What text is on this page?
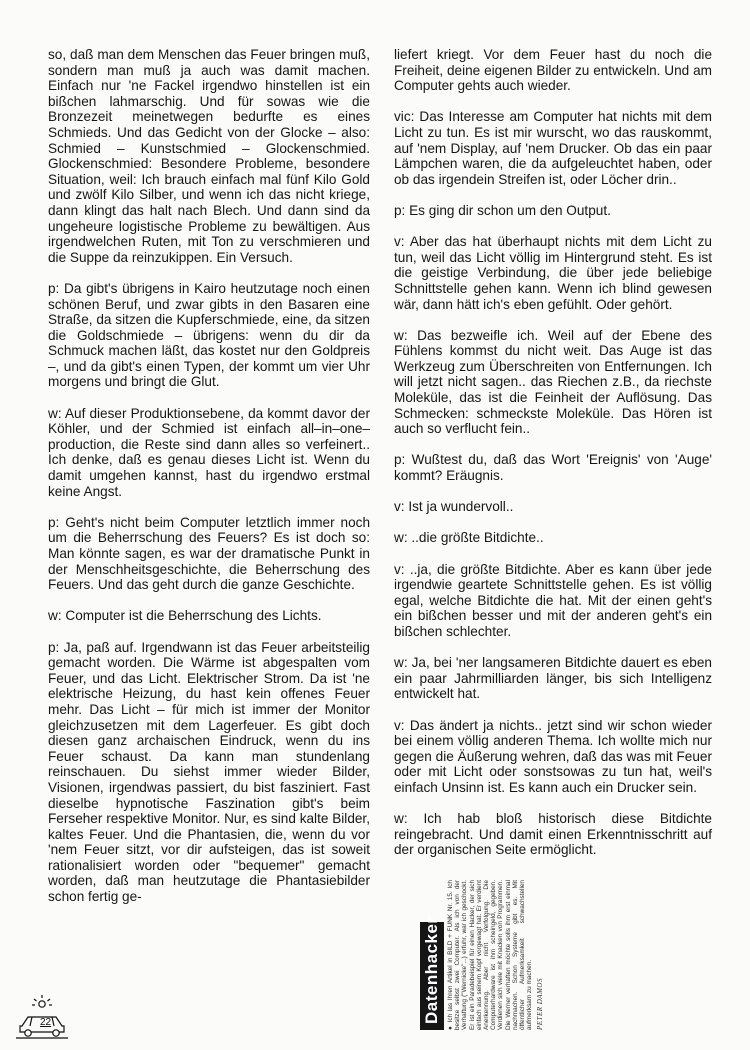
so, daß man dem Menschen das Feuer bringen muß, sondern man muß ja auch was damit machen. Einfach nur 'ne Fackel irgendwo hinstellen ist ein bißchen lahmarschig. Und für sowas wie die Bronzezeit meinetwegen bedurfte es eines Schmieds. Und das Gedicht von der Glocke – also: Schmied – Kunstschmied – Glockenschmied. Glockenschmied: Besondere Probleme, besondere Situation, weil: Ich brauch einfach mal fünf Kilo Gold und zwölf Kilo Silber, und wenn ich das nicht kriege, dann klingt das halt nach Blech. Und dann sind da ungeheure logistische Probleme zu bewältigen. Aus irgendwelchen Ruten, mit Ton zu verschmieren und die Suppe da reinzukippen. Ein Versuch.

p: Da gibt's übrigens in Kairo heutzutage noch einen schönen Beruf, und zwar gibts in den Basaren eine Straße, da sitzen die Kupferschmiede, eine, da sitzen die Goldschmiede – übrigens: wenn du dir da Schmuck machen läßt, das kostet nur den Goldpreis –, und da gibt's einen Typen, der kommt um vier Uhr morgens und bringt die Glut.

w: Auf dieser Produktionsebene, da kommt davor der Köhler, und der Schmied ist einfach all–in–one–production, die Reste sind dann alles so verfeinert.. Ich denke, daß es genau dieses Licht ist. Wenn du damit umgehen kannst, hast du irgendwo erstmal keine Angst.

p: Geht's nicht beim Computer letztlich immer noch um die Beherrschung des Feuers? Es ist doch so: Man könnte sagen, es war der dramatische Punkt in der Menschheitsgeschichte, die Beherrschung des Feuers. Und das geht durch die ganze Geschichte.

w: Computer ist die Beherrschung des Lichts.

p: Ja, paß auf. Irgendwann ist das Feuer arbeitsteilig gemacht worden. Die Wärme ist abgespalten vom Feuer, und das Licht. Elektrischer Strom. Da ist 'ne elektrische Heizung, du hast kein offenes Feuer mehr. Das Licht – für mich ist immer der Monitor gleichzusetzen mit dem Lagerfeuer. Es gibt doch diesen ganz archaischen Eindruck, wenn du ins Feuer schaust. Da kann man stundenlang reinschauen. Du siehst immer wieder Bilder, Visionen, irgendwas passiert, du bist fasziniert. Fast dieselbe hypnotische Faszination gibt's beim Ferseher respektive Monitor. Nur, es sind kalte Bilder, kaltes Feuer. Und die Phantasien, die, wenn du vor 'nem Feuer sitzt, vor dir aufsteigen, das ist soweit rationalisiert worden oder "bequemer" gemacht worden, daß man heutzutage die Phantasiebilder schon fertig ge-

liefert kriegt. Vor dem Feuer hast du noch die Freiheit, deine eigenen Bilder zu entwickeln. Und am Computer gehts auch wieder.

vic: Das Interesse am Computer hat nichts mit dem Licht zu tun. Es ist mir wurscht, wo das rauskommt, auf 'nem Display, auf 'nem Drucker. Ob das ein paar Lämpchen waren, die da aufgeleuchtet haben, oder ob das irgendein Streifen ist, oder Löcher drin..

p: Es ging dir schon um den Output.

v: Aber das hat überhaupt nichts mit dem Licht zu tun, weil das Licht völlig im Hintergrund steht. Es ist die geistige Verbindung, die über jede beliebige Schnittstelle gehen kann. Wenn ich blind gewesen wär, dann hätt ich's eben gefühlt. Oder gehört.

w: Das bezweifle ich. Weil auf der Ebene des Fühlens kommst du nicht weit. Das Auge ist das Werkzeug zum Überschreiten von Entfernungen. Ich will jetzt nicht sagen.. das Riechen z.B., da riechste Moleküle, das ist die Feinheit der Auflösung. Das Schmecken: schmeckste Moleküle. Das Hören ist auch so verflucht fein..

p: Wußtest du, daß das Wort 'Ereignis' von 'Auge' kommt? Eräugnis.

v: Ist ja wundervoll..

w: ..die größte Bitdichte..

v: ..ja, die größte Bitdichte. Aber es kann über jede irgendwie geartete Schnittstelle gehen. Es ist völlig egal, welche Bitdichte die hat. Mit der einen geht's ein bißchen besser und mit der anderen geht's ein bißchen schlechter.

w: Ja, bei 'ner langsameren Bitdichte dauert es eben ein paar Jahrmilliarden länger, bis sich Intelligenz entwickelt hat.

v: Das ändert ja nichts.. jetzt sind wir schon wieder bei einem völlig anderen Thema. Ich wollte mich nur gegen die Äußerung wehren, daß das was mit Feuer oder mit Licht oder sonstsowas zu tun hat, weil's einfach Unsinn ist. Es kann auch ein Drucker sein.

w: Ich hab bloß historisch diese Bitdichte reingebracht. Und damit einen Erkenntnisschritt auf der organischen Seite ermöglicht.

Datenhacker ● Ich las Ihren Artikel in BILD + FUNK Nr. 15. Ich besitze selbst zwei Computer. Als ich von der Verhaftung ("Wernicke"...) erfuhr, war ich geschockt. Er ist ein Paradebeispiel für einen Hacker, der sich einfach aus seinem Kopf vorgewagt hat. Er verdient Anerkennung. Aber nicht Verfolgung. Die Computerhardware ist ihm scheingeld, gegeben. Verdienen sich viele mit Knacken von Programmen. Die Werner verhaften möchte solls ihm erst einmal nachmachen. Schon Systeme gibt es. Mit öffentlicher Aufmerksamkeit schwachstellen aufmerksam zu machen. PETER DAMOS
22
